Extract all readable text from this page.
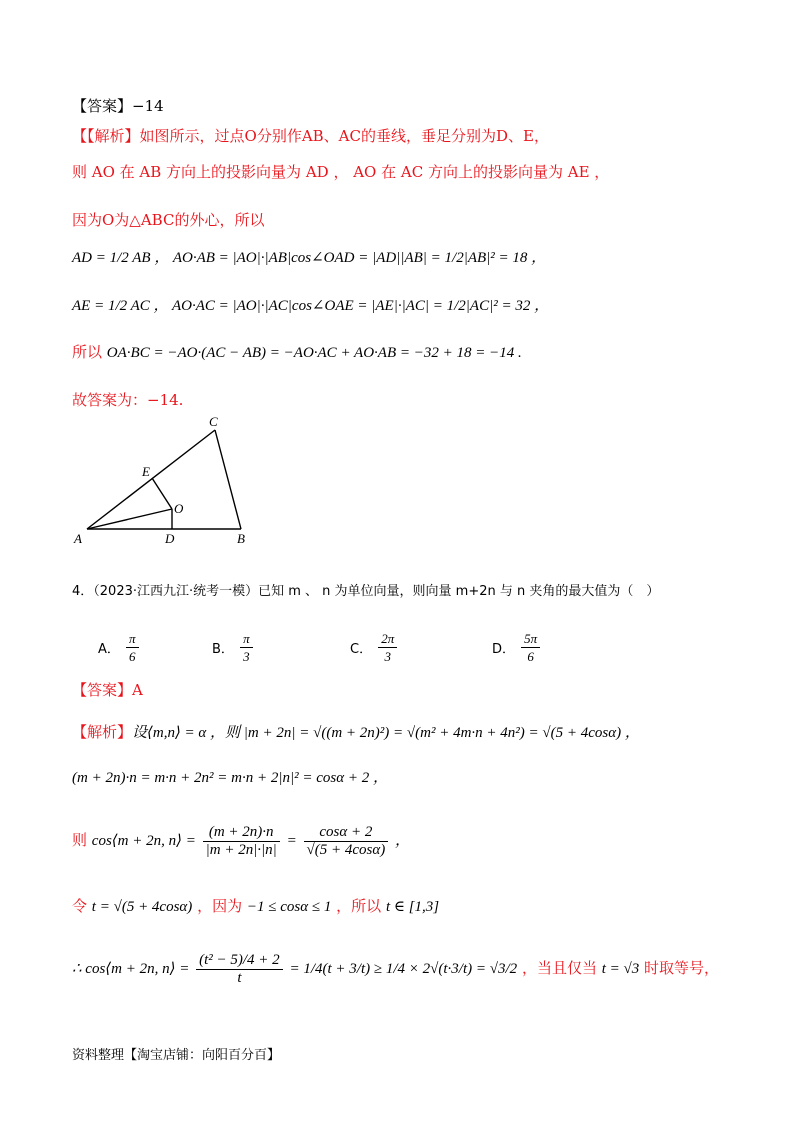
【答案】−14
【【解析】如图所示，过点O分别作AB、AC的垂线，垂足分别为D、E，
则 AO 在 AB 方向上的投影向量为 AD ， AO 在 AC 方向上的投影向量为 AE ，
因为O为△ABC的外心，所以
AD = 1/2 AB ， AO·AB = |AO|·|AB|cos∠OAD = |AD||AB| = 1/2|AB|² = 18 ，
AE = 1/2 AC ， AO·AC = |AO|·|AC|cos∠OAE = |AE|·|AC| = 1/2|AC|² = 32 ，
所以 OA·BC = −AO·(AC − AB) = −AO·AC + AO·AB = −32 + 18 = −14 .
故答案为：−14.
A	B
C
D
E
O
4．（2023·江西九江·统考一模）已知 m 、 n 为单位向量，则向量 m+2n 与 n 夹角的最大值为（　）
A． $\frac{\pi}{6}$	B． $\frac{\pi}{3}$	C． $\frac{2\pi}{3}$	D． $\frac{5\pi}{6}$
【答案】A
【解析】设⟨m,n⟩ = α ，则 |m + 2n| = √((m + 2n)²) = √(m² + 4m·n + 4n²) = √(5 + 4cosα) ，
(m + 2n)·n = m·n + 2n² = m·n + 2|n|² = cosα + 2 ，
则 cos⟨m + 2n, n⟩ = $\frac{(m + 2n)\cdot n}{|m + 2n|\cdot|n|} = \frac{\cos\alpha + 2}{√(5 + 4\cos\alpha)}$ ，
令 t = √(5 + 4cosα) ，因为 −1 ≤ cosα ≤ 1 ，所以 t ∈ [1,3]
∴ cos⟨m + 2n, n⟩ = $\frac{\text{(t² − 5)/4 + 2}}{t} = 1/4(t + 3/t) \ge 1/4 \times 2√(t\cdot 3/t) = √3/2$ ，当且仅当 t = √3 时取等号，
资料整理【淘宝店铺：向阳百分百】
